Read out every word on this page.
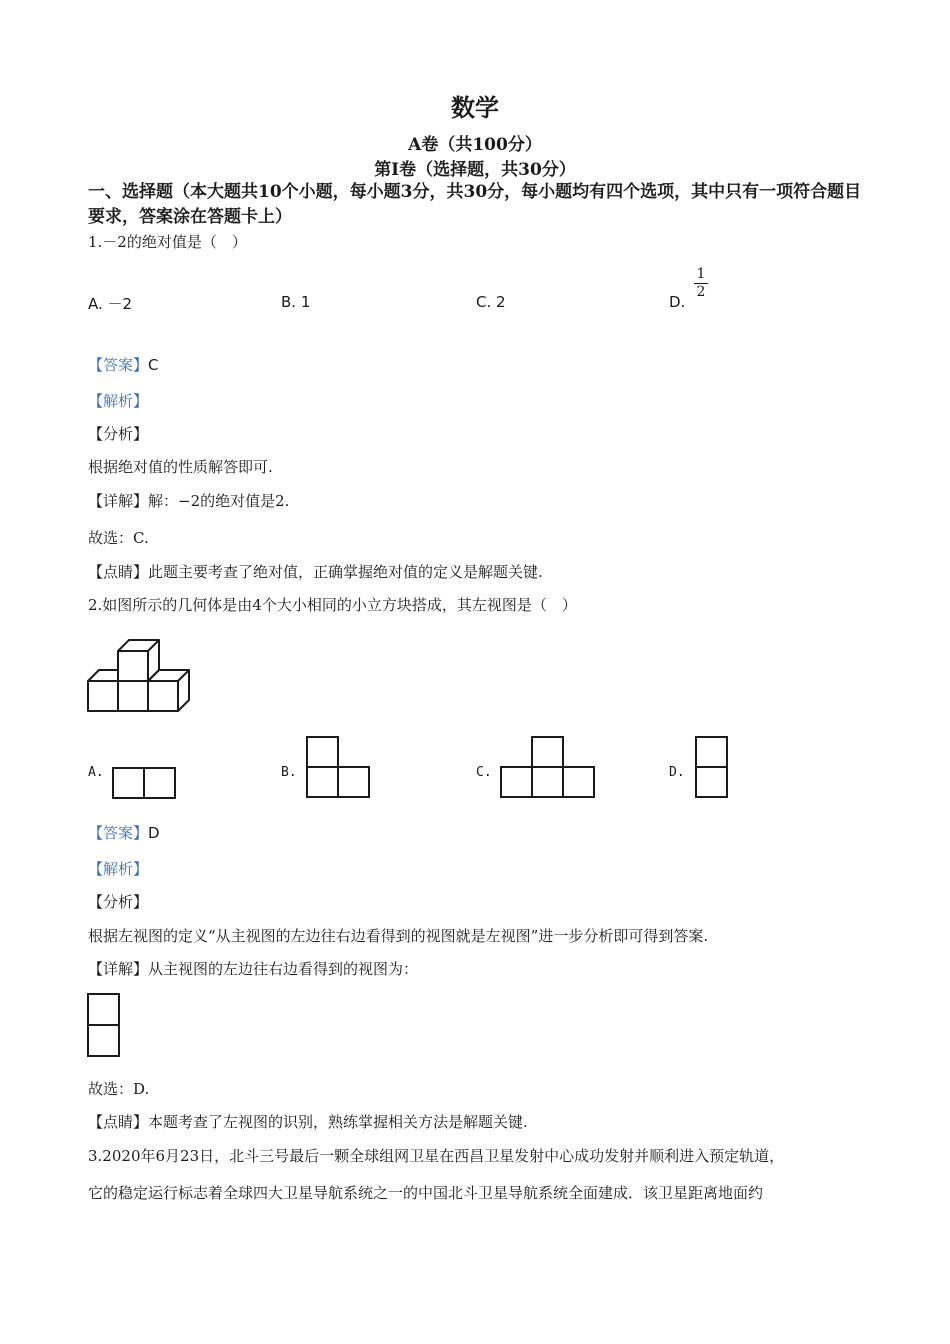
数学
A卷（共100分）
第Ⅰ卷（选择题，共30分）
一、选择题（本大题共10个小题，每小题3分，共30分，每小题均有四个选项，其中只有一项符合题目要求，答案涂在答题卡上）
1.－2的绝对值是（　）
A. －2	B. 1	C. 2	D.
$\frac{1}{2}$
【答案】C
【解析】
【分析】
根据绝对值的性质解答即可.
【详解】解：−2的绝对值是2.
故选：C.
【点睛】此题主要考查了绝对值，正确掌握绝对值的定义是解题关键.
2.如图所示的几何体是由4个大小相同的小立方块搭成，其左视图是（　）
A.	B.	C.	D.
【答案】D
【解析】
【分析】
根据左视图的定义“从主视图的左边往右边看得到的视图就是左视图”进一步分析即可得到答案.
【详解】从主视图的左边往右边看得到的视图为：
故选：D.
【点睛】本题考查了左视图的识别，熟练掌握相关方法是解题关键.
3.2020年6月23日，北斗三号最后一颗全球组网卫星在西昌卫星发射中心成功发射并顺利进入预定轨道，
它的稳定运行标志着全球四大卫星导航系统之一的中国北斗卫星导航系统全面建成．该卫星距离地面约
